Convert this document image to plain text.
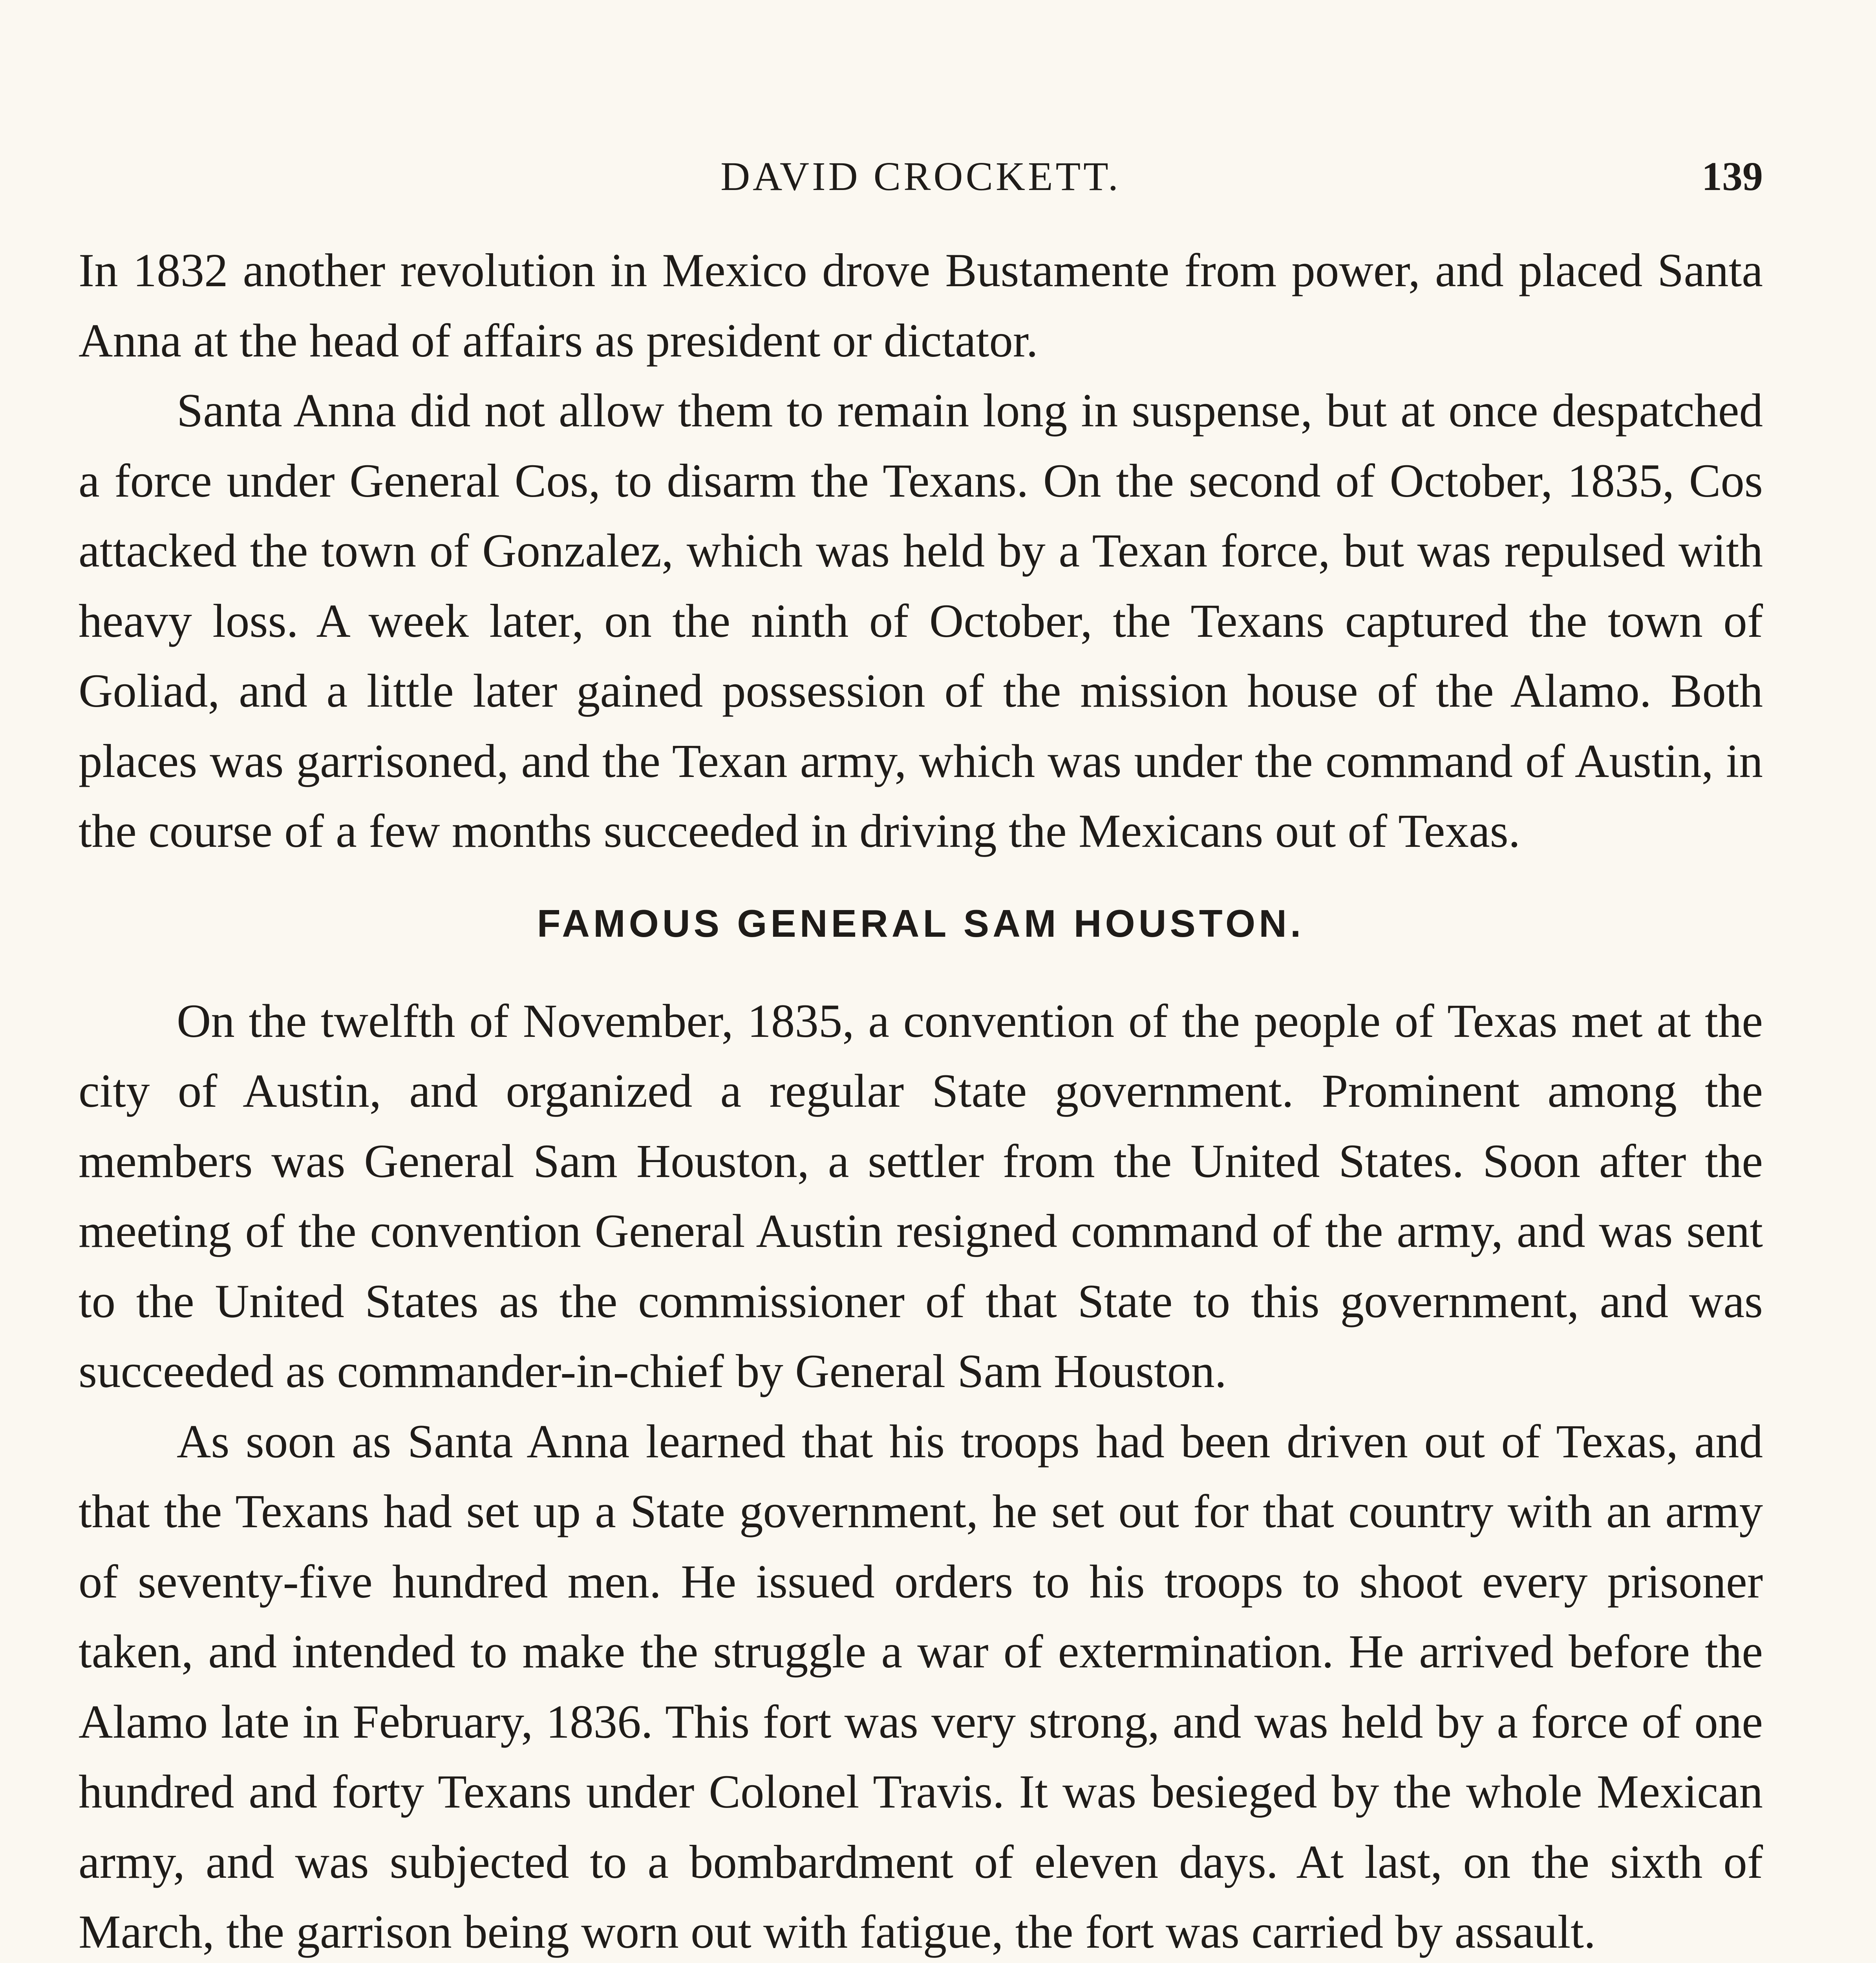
DAVID CROCKETT.	139

In 1832 another revolution in Mexico drove Bustamente from power, and placed Santa Anna at the head of affairs as president or dictator.

Santa Anna did not allow them to remain long in suspense, but at once despatched a force under General Cos, to disarm the Texans. On the second of October, 1835, Cos attacked the town of Gonzalez, which was held by a Texan force, but was repulsed with heavy loss. A week later, on the ninth of October, the Texans captured the town of Goliad, and a little later gained possession of the mission house of the Alamo. Both places was garrisoned, and the Texan army, which was under the command of Austin, in the course of a few months succeeded in driving the Mexicans out of Texas.

FAMOUS GENERAL SAM HOUSTON.

On the twelfth of November, 1835, a convention of the people of Texas met at the city of Austin, and organized a regular State government. Prominent among the members was General Sam Houston, a settler from the United States. Soon after the meeting of the convention General Austin resigned command of the army, and was sent to the United States as the commissioner of that State to this government, and was succeeded as commander-in-chief by General Sam Houston.

As soon as Santa Anna learned that his troops had been driven out of Texas, and that the Texans had set up a State government, he set out for that country with an army of seventy-five hundred men. He issued orders to his troops to shoot every prisoner taken, and intended to make the struggle a war of extermination. He arrived before the Alamo late in February, 1836. This fort was very strong, and was held by a force of one hundred and forty Texans under Colonel Travis. It was besieged by the whole Mexican army, and was subjected to a bombardment of eleven days. At last, on the sixth of March, the garrison being worn out with fatigue, the fort was carried by assault.
